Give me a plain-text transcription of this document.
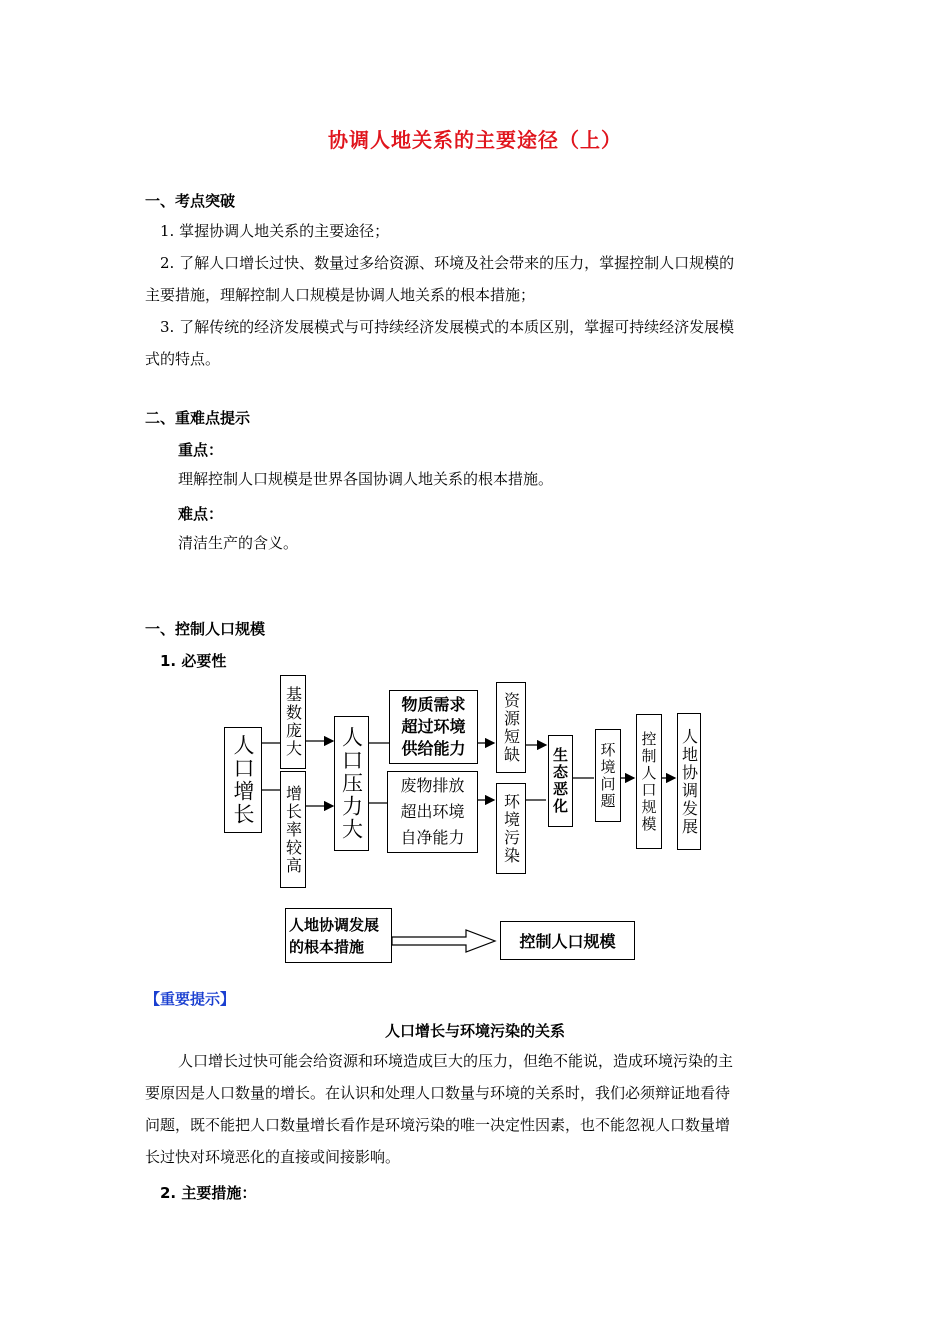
协调人地关系的主要途径（上）
一、考点突破
1. 掌握协调人地关系的主要途径；
2. 了解人口增长过快、数量过多给资源、环境及社会带来的压力，掌握控制人口规模的
主要措施，理解控制人口规模是协调人地关系的根本措施；
3. 了解传统的经济发展模式与可持续经济发展模式的本质区别，掌握可持续经济发展模
式的特点。
二、重难点提示
重点：
理解控制人口规模是世界各国协调人地关系的根本措施。
难点：
清洁生产的含义。
一、控制人口规模
1. 必要性
人口增长
基数庞大
增长率较高 人口压力大
物质需求
超过环境
供给能力
废物排放
超出环境
自净能力
资源短缺
环境污染
生态恶化 环境问题	控制人口规模 人地协调发展
人地协调发展
的根本措施	控制人口规模
【重要提示】
人口增长与环境污染的关系
人口增长过快可能会给资源和环境造成巨大的压力，但绝不能说，造成环境污染的主
要原因是人口数量的增长。在认识和处理人口数量与环境的关系时，我们必须辩证地看待
问题，既不能把人口数量增长看作是环境污染的唯一决定性因素，也不能忽视人口数量增
长过快对环境恶化的直接或间接影响。
2. 主要措施：
